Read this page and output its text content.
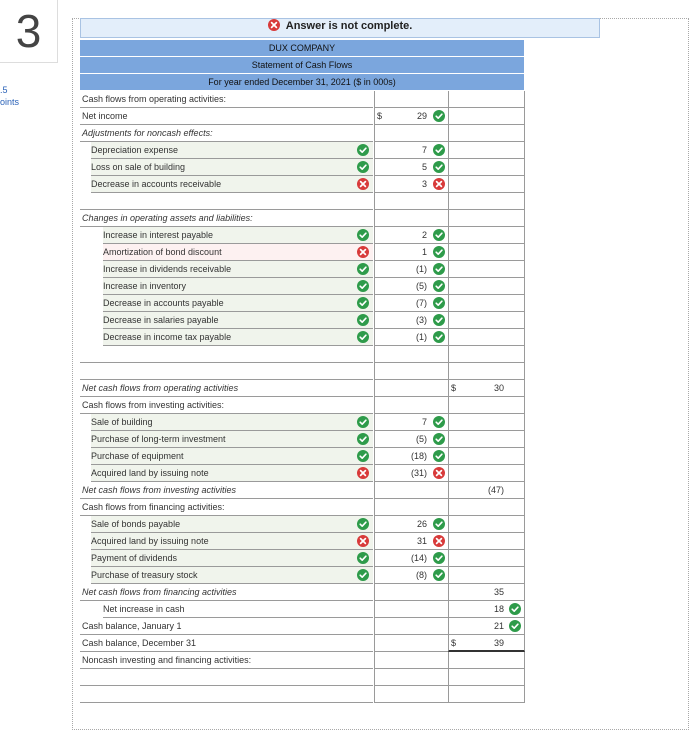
3
.5
oints
Answer is not complete.
DUX COMPANY
Statement of Cash Flows
For year ended December 31, 2021 ($ in 000s)
Cash flows from operating activities:
Net income	$	29
Adjustments for noncash effects:
Depreciation expense	7
Loss on sale of building	5
Decrease in accounts receivable	3
Changes in operating assets and liabilities:
Increase in interest payable	2
Amortization of bond discount	1
Increase in dividends receivable	(1)
Increase in inventory	(5)
Decrease in accounts payable	(7)
Decrease in salaries payable	(3)
Decrease in income tax payable	(1)
Net cash flows from operating activities	$	30
Cash flows from investing activities:
Sale of building	7
Purchase of long-term investment	(5)
Purchase of equipment	(18)
Acquired land by issuing note	(31)
Net cash flows from investing activities	(47)
Cash flows from financing activities:
Sale of bonds payable	26
Acquired land by issuing note	31
Payment of dividends	(14)
Purchase of treasury stock	(8)
Net cash flows from financing activities	35
Net increase in cash	18
Cash balance, January 1	21
Cash balance, December 31	$	39
Noncash investing and financing activities:
